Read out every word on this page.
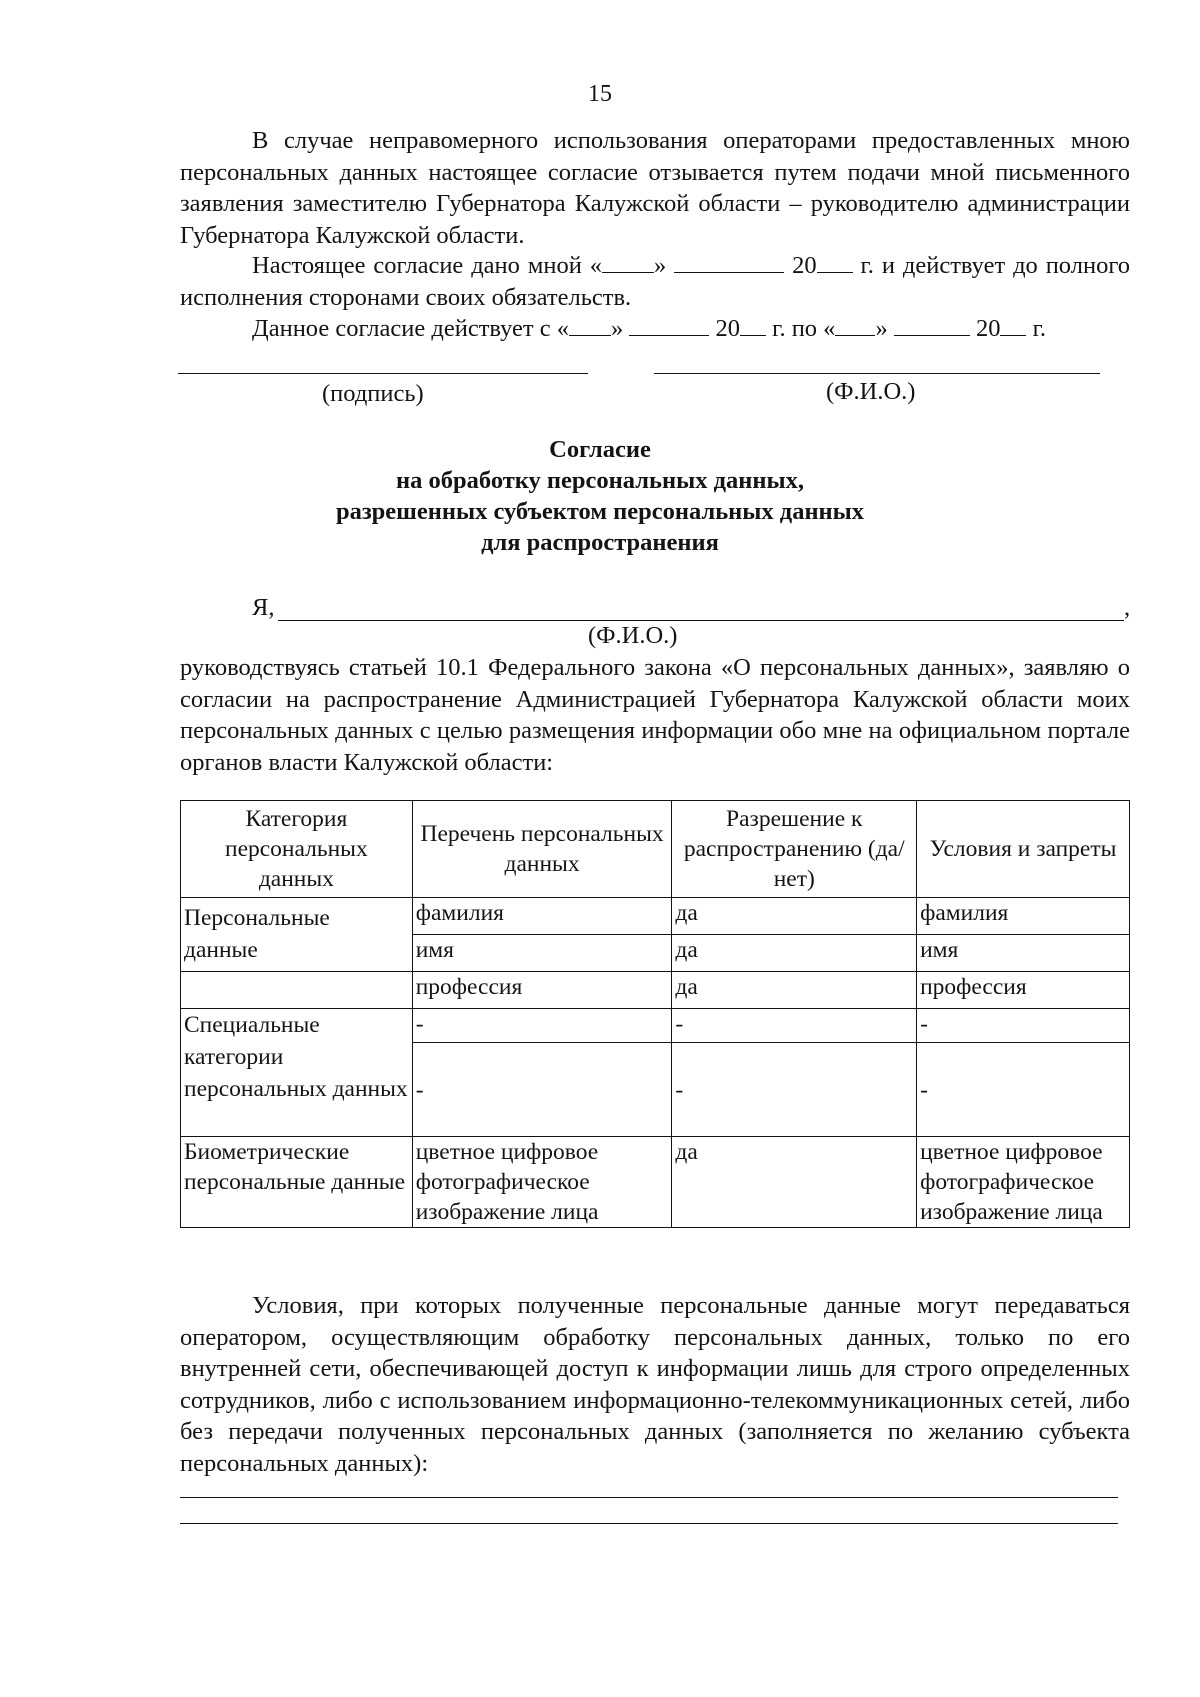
15
В случае неправомерного использования операторами предоставленных мною персональных данных настоящее согласие отзывается путем подачи мной письменного заявления заместителю Губернатора Калужской области – руководителю администрации Губернатора Калужской области.
Настоящее согласие дано мной « »	20 г. и действует до полного исполнения сторонами своих обязательств.
Данное согласие действует с « »	20 г. по « »	20 г.
(подпись)	(Ф.И.О.)
Согласие
на обработку персональных данных,
разрешенных субъектом персональных данных
для распространения
Я,	,
(Ф.И.О.)
руководствуясь статьей 10.1 Федерального закона «О персональных данных», заявляю о согласии на распространение Администрацией Губернатора Калужской области моих персональных данных с целью размещения информации обо мне на официальном портале органов власти Калужской области:
Категория персональных данных	Перечень персональных данных	Разрешение к распространению (да/нет)	Условия и запреты
Персональные данные	фамилия	да	фамилия
	имя	да	имя
	профессия	да	профессия
Специальные категории персональных данных	-	-	-
	-	-	-
Биометрические персональные данные	цветное цифровое фотографическое изображение лица	да	цветное цифровое фотографическое изображение лица
Условия, при которых полученные персональные данные могут передаваться оператором, осуществляющим обработку персональных данных, только по его внутренней сети, обеспечивающей доступ к информации лишь для строго определенных сотрудников, либо с использованием информационно-телекоммуникационных сетей, либо без передачи полученных персональных данных (заполняется по желанию субъекта персональных данных):
